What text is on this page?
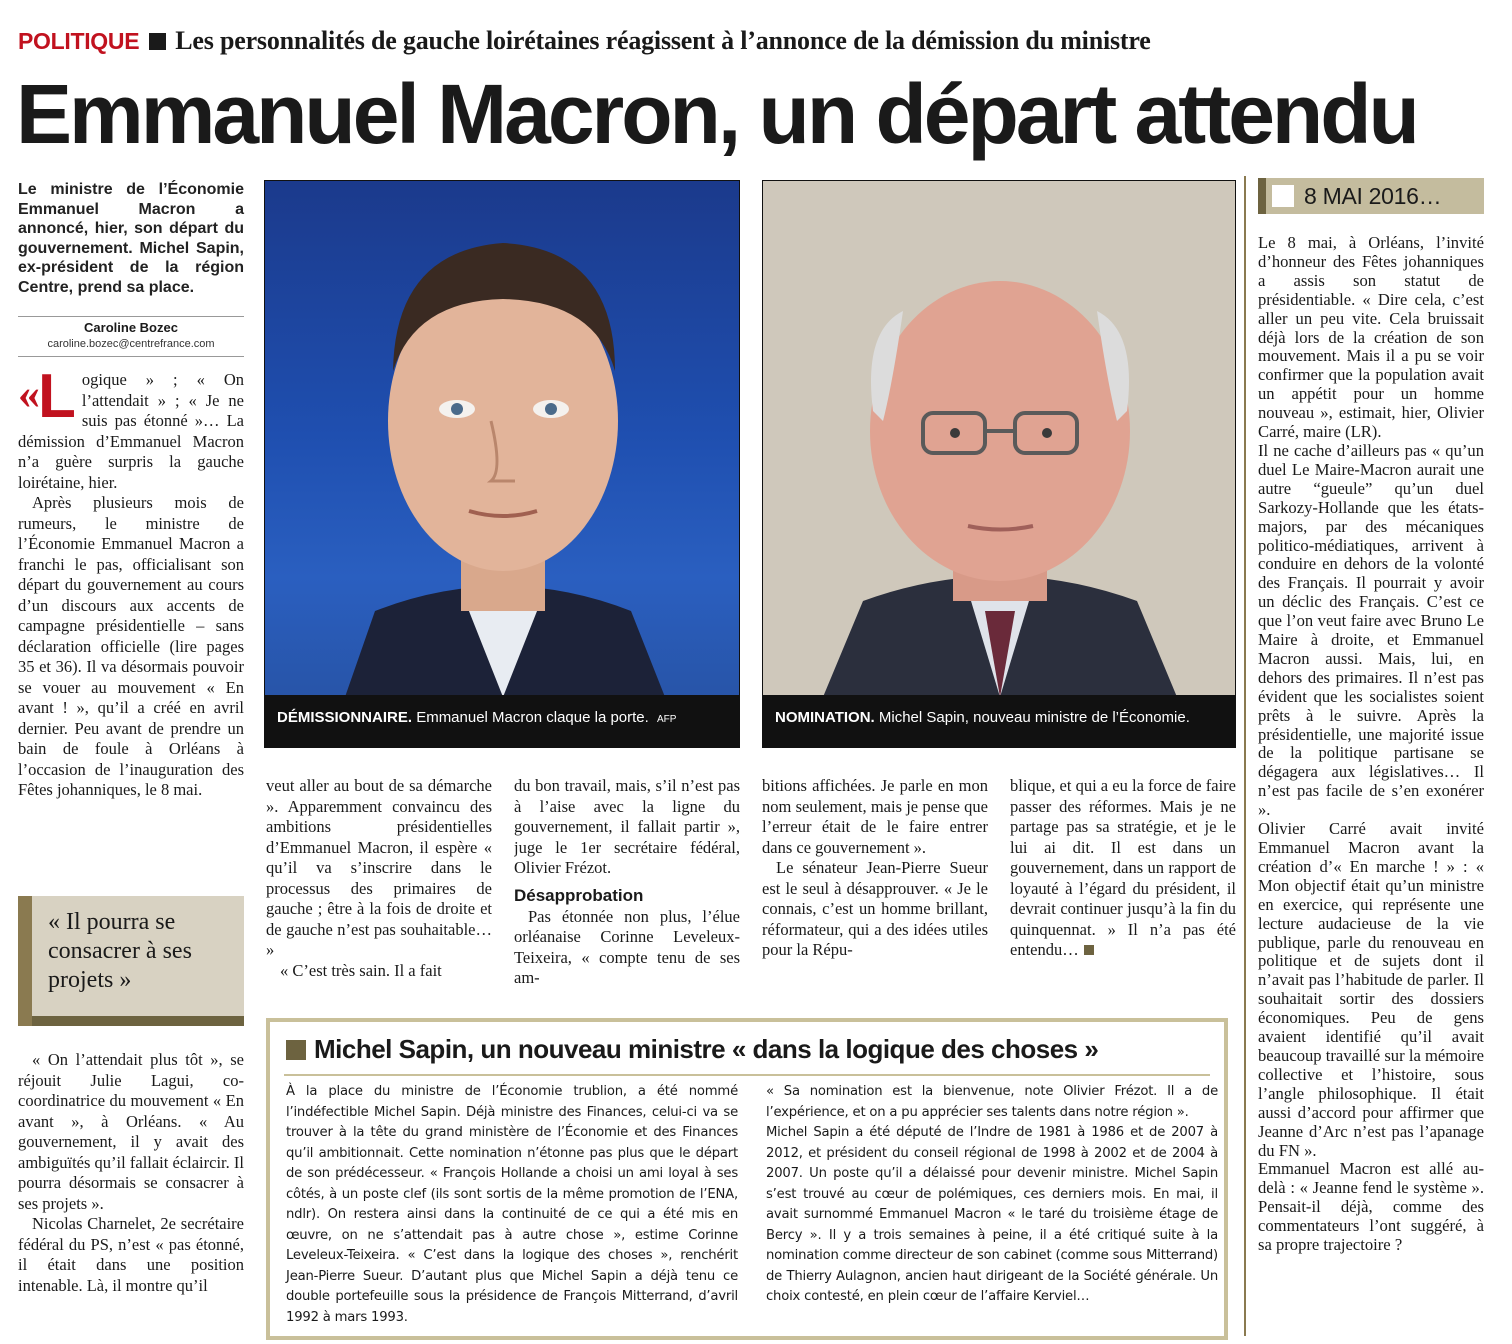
POLITIQUE Les personnalités de gauche loirétaines réagissent à l’annonce de la démission du ministre
Emmanuel Macron, un départ attendu
Le ministre de l’Économie Emmanuel Macron a annoncé, hier, son départ du gouvernement. Michel Sapin, ex-président de la région Centre, prend sa place.
Caroline Bozec
caroline.bozec@centrefrance.com

«
L ogique » ; « On l’attendait » ; « Je ne suis pas étonné »… La démission d’Emmanuel Macron n’a guère surpris la gauche loirétaine, hier.

Après plusieurs mois de rumeurs, le ministre de l’Économie Emmanuel Macron a franchi le pas, officialisant son départ du gouvernement au cours d’un discours aux accents de campagne présidentielle – sans déclaration officielle (lire pages 35 et 36). Il va désormais pouvoir se vouer au mouvement « En avant ! », qu’il a créé en avril dernier. Peu avant de prendre un bain de foule à Orléans à l’occasion de l’inauguration des Fêtes johanniques, le 8 mai.

« Il pourra se consacrer à ses projets »

« On l’attendait plus tôt », se réjouit Julie Lagui, co-coordinatrice du mouvement « En avant », à Orléans. « Au gouvernement, il y avait des ambiguïtés qu’il fallait éclaircir. Il pourra désormais se consacrer à ses projets ».

Nicolas Charnelet, 2e secrétaire fédéral du PS, n’est « pas étonné, il était dans une position intenable. Là, il montre qu’il

DÉMISSIONNAIRE. Emmanuel Macron claque la porte. AFP	NOMINATION. Michel Sapin, nouveau ministre de l’Économie.

veut aller au bout de sa démarche ». Apparemment convaincu des ambitions présidentielles d’Emmanuel Macron, il espère « qu’il va s’inscrire dans le processus des primaires de gauche ; être à la fois de droite et de gauche n’est pas souhaitable… »

« C’est très sain. Il a fait

du bon travail, mais, s’il n’est pas à l’aise avec la ligne du gouvernement, il fallait partir », juge le 1er secrétaire fédéral, Olivier Frézot.

Désapprobation

Pas étonnée non plus, l’élue orléanaise Corinne Leveleux-Teixeira, « compte tenu de ses am-

bitions affichées. Je parle en mon nom seulement, mais je pense que l’erreur était de le faire entrer dans ce gouvernement ».

Le sénateur Jean-Pierre Sueur est le seul à désapprouver. « Je le connais, c’est un homme brillant, réformateur, qui a des idées utiles pour la Répu-

blique, et qui a eu la force de faire passer des réformes. Mais je ne partage pas sa stratégie, et je le lui ai dit. Il est dans un gouvernement, dans un rapport de loyauté à l’égard du président, il devrait continuer jusqu’à la fin du quinquennat. » Il n’a pas été entendu…

Michel Sapin, un nouveau ministre « dans la logique des choses »
À la place du ministre de l’Économie trublion, a été nommé l’indéfectible Michel Sapin. Déjà ministre des Finances, celui-ci va se trouver à la tête du grand ministère de l’Économie et des Finances qu’il ambitionnait. Cette nomination n’étonne pas plus que le départ de son prédécesseur. « François Hollande a choisi un ami loyal à ses côtés, à un poste clef (ils sont sortis de la même promotion de l’ENA, ndlr). On restera ainsi dans la continuité de ce qui a été mis en œuvre, on ne s’attendait pas à autre chose », estime Corinne Leveleux-Teixeira. « C’est dans la logique des choses », renchérit Jean-Pierre Sueur. D’autant plus que Michel Sapin a déjà tenu ce double portefeuille sous la présidence de François Mitterrand, d’avril 1992 à mars 1993.
« Sa nomination est la bienvenue, note Olivier Frézot. Il a de l’expérience, et on a pu apprécier ses talents dans notre région ».
Michel Sapin a été député de l’Indre de 1981 à 1986 et de 2007 à 2012, et président du conseil régional de 1998 à 2002 et de 2004 à 2007. Un poste qu’il a délaissé pour devenir ministre. Michel Sapin s’est trouvé au cœur de polémiques, ces derniers mois. En mai, il avait surnommé Emmanuel Macron « le taré du troisième étage de Bercy ». Il y a trois semaines à peine, il a été critiqué suite à la nomination comme directeur de son cabinet (comme sous Mitterrand) de Thierry Aulagnon, ancien haut dirigeant de la Société générale. Un choix contesté, en plein cœur de l’affaire Kerviel…
8 MAI 2016…

Le 8 mai, à Orléans, l’invité d’honneur des Fêtes johanniques a assis son statut de présidentiable. « Dire cela, c’est aller un peu vite. Cela bruissait déjà lors de la création de son mouvement. Mais il a pu se voir confirmer que la population avait un appétit pour un homme nouveau », estimait, hier, Olivier Carré, maire (LR).

Il ne cache d’ailleurs pas « qu’un duel Le Maire-Macron aurait une autre “gueule” qu’un duel Sarkozy-Hollande que les états-majors, par des mécaniques politico-médiatiques, arrivent à conduire en dehors de la volonté des Français. Il pourrait y avoir un déclic des Français. C’est ce que l’on veut faire avec Bruno Le Maire à droite, et Emmanuel Macron aussi. Mais, lui, en dehors des primaires. Il n’est pas évident que les socialistes soient prêts à le suivre. Après la présidentielle, une majorité issue de la politique partisane se dégagera aux législatives… Il n’est pas facile de s’en exonérer ».

Olivier Carré avait invité Emmanuel Macron avant la création d’« En marche ! » : « Mon objectif était qu’un ministre en exercice, qui représente une lecture audacieuse de la vie publique, parle du renouveau en politique et de sujets dont il n’avait pas l’habitude de parler. Il souhaitait sortir des dossiers économiques. Peu de gens avaient identifié qu’il avait beaucoup travaillé sur la mémoire collective et l’histoire, sous l’angle philosophique. Il était aussi d’accord pour affirmer que Jeanne d’Arc n’est pas l’apanage du FN ».

Emmanuel Macron est allé au-delà : « Jeanne fend le système ». Pensait-il déjà, comme des commentateurs l’ont suggéré, à sa propre trajectoire ?
